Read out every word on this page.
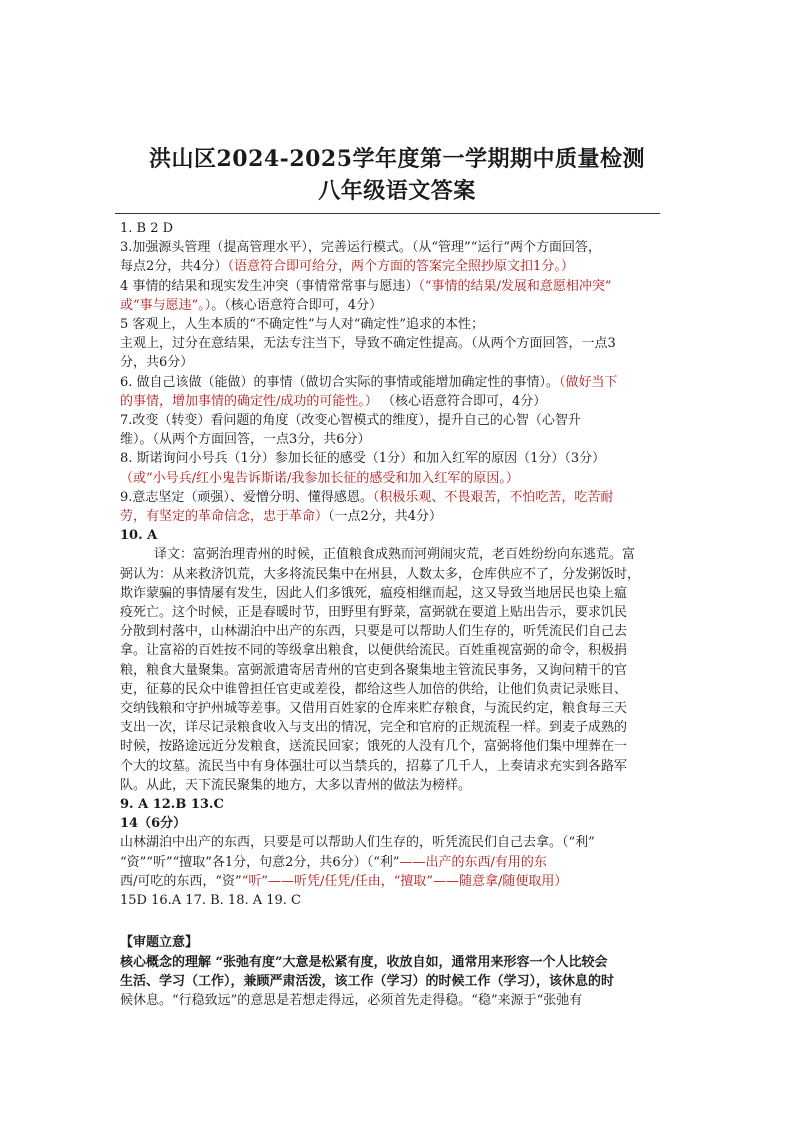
洪山区2024-2025学年度第一学期期中质量检测
八年级语文答案
1. B 2 D
3.加强源头管理（提高管理水平），完善运行模式。（从“管理”“运行”两个方面回答，
每点2分，共4分）（语意符合即可给分，两个方面的答案完全照抄原文扣1分。）
4 事情的结果和现实发生冲突（事情常常事与愿违）（“事情的结果/发展和意愿相冲突”
或“事与愿违”。）。（核心语意符合即可，4分）
5 客观上，人生本质的“不确定性”与人对“确定性”追求的本性；
主观上，过分在意结果，无法专注当下，导致不确定性提高。（从两个方面回答，一点3
分，共6分）
6. 做自己该做（能做）的事情（做切合实际的事情或能增加确定性的事情）。（做好当下
的事情，增加事情的确定性/成功的可能性。） （核心语意符合即可，4分）
7.改变（转变）看问题的角度（改变心智模式的维度），提升自己的心智（心智升
维）。（从两个方面回答，一点3分，共6分）
8. 斯诺询问小号兵（1分）参加长征的感受（1分）和加入红军的原因（1分）（3分）
（或“小号兵/红小鬼告诉斯诺/我参加长征的感受和加入红军的原因。）
9.意志坚定（顽强）、爱憎分明、懂得感恩。（积极乐观、不畏艰苦，不怕吃苦，吃苦耐
劳，有坚定的革命信念，忠于革命）（一点2分，共4分）
10. A
译文：富弼治理青州的时候，正值粮食成熟而河朔闹灾荒，老百姓纷纷向东逃荒。富
弼认为：从来救济饥荒，大多将流民集中在州县，人数太多，仓库供应不了，分发粥饭时，
欺诈蒙骗的事情屡有发生，因此人们多饿死，瘟疫相继而起，这又导致当地居民也染上瘟
疫死亡。这个时候，正是春暖时节，田野里有野菜，富弼就在要道上贴出告示，要求饥民
分散到村落中，山林湖泊中出产的东西，只要是可以帮助人们生存的，听凭流民们自己去
拿。让富裕的百姓按不同的等级拿出粮食，以便供给流民。百姓重视富弼的命令，积极捐
粮，粮食大量聚集。富弼派遣寄居青州的官吏到各聚集地主管流民事务，又询问精干的官
吏，征募的民众中谁曾担任官吏或差役，都给这些人加倍的供给，让他们负责记录账目、
交纳钱粮和守护州城等差事。又借用百姓家的仓库来贮存粮食，与流民约定，粮食每三天
支出一次，详尽记录粮食收入与支出的情况，完全和官府的正规流程一样。到麦子成熟的
时候，按路途远近分发粮食，送流民回家；饿死的人没有几个，富弼将他们集中埋葬在一
个大的坟墓。流民当中有身体强壮可以当禁兵的，招募了几千人，上奏请求充实到各路军
队。从此，天下流民聚集的地方，大多以青州的做法为榜样。
9. A 12.B 13.C
14（6分）
山林湖泊中出产的东西，只要是可以帮助人们生存的，听凭流民们自己去拿。（“利”
“资”“听”“擅取”各1分，句意2分，共6分）（“利”——出产的东西/有用的东
西/可吃的东西，“资”“听”——听凭/任凭/任由，“擅取”——随意拿/随便取用）
15D 16.A 17. B. 18. A 19. C
【审题立意】
核心概念的理解 “张弛有度”大意是松紧有度，收放自如，通常用来形容一个人比较会
生活、学习（工作），兼顾严肃活泼，该工作（学习）的时候工作（学习），该休息的时
候休息。“行稳致远”的意思是若想走得远，必须首先走得稳。“稳”来源于“张弛有
